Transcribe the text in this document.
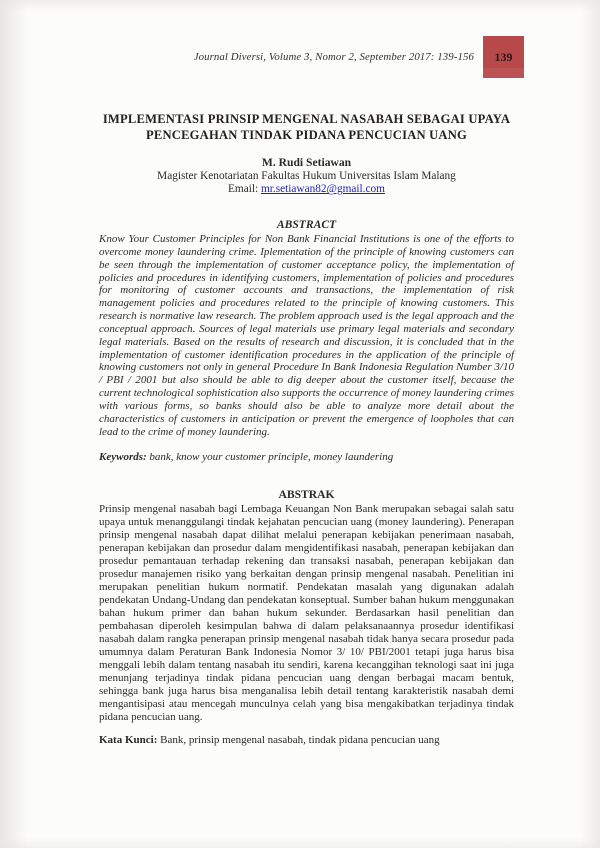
Journal Diversi, Volume 3, Nomor 2, September 2017: 139-156	139
IMPLEMENTASI PRINSIP MENGENAL NASABAH SEBAGAI UPAYA PENCEGAHAN TINDAK PIDANA PENCUCIAN UANG
M. Rudi Setiawan
Magister Kenotariatan Fakultas Hukum Universitas Islam Malang
Email: mr.setiawan82@gmail.com
ABSTRACT

Know Your Customer Principles for Non Bank Financial Institutions is one of the efforts to overcome money laundering crime. Iplementation of the principle of knowing customers can be seen through the implementation of customer acceptance policy, the implementation of policies and procedures in identifying customers, implementation of policies and procedures for monitoring of customer accounts and transactions, the implementation of risk management policies and procedures related to the principle of knowing customers. This research is normative law research. The problem approach used is the legal approach and the conceptual approach. Sources of legal materials use primary legal materials and secondary legal materials. Based on the results of research and discussion, it is concluded that in the implementation of customer identification procedures in the application of the principle of knowing customers not only in general Procedure In Bank Indonesia Regulation Number 3/10 / PBI / 2001 but also should be able to dig deeper about the customer itself, because the current technological sophistication also supports the occurrence of money laundering crimes with various forms, so banks should also be able to analyze more detail about the characteristics of customers in anticipation or prevent the emergence of loopholes that can lead to the crime of money laundering.

Keywords: bank, know your customer principle, money laundering
ABSTRAK

Prinsip mengenal nasabah bagi Lembaga Keuangan Non Bank merupakan sebagai salah satu upaya untuk menanggulangi tindak kejahatan pencucian uang (money laundering). Penerapan prinsip mengenal nasabah dapat dilihat melalui penerapan kebijakan penerimaan nasabah, penerapan kebijakan dan prosedur dalam mengidentifikasi nasabah, penerapan kebijakan dan prosedur pemantauan terhadap rekening dan transaksi nasabah, penerapan kebijakan dan prosedur manajemen risiko yang berkaitan dengan prinsip mengenal nasabah. Penelitian ini merupakan penelitian hukum normatif. Pendekatan masalah yang digunakan adalah pendekatan Undang-Undang dan pendekatan konseptual. Sumber bahan hukum menggunakan bahan hukum primer dan bahan hukum sekunder. Berdasarkan hasil penelitian dan pembahasan diperoleh kesimpulan bahwa di dalam pelaksanaannya prosedur identifikasi nasabah dalam rangka penerapan prinsip mengenal nasabah tidak hanya secara prosedur pada umumnya dalam Peraturan Bank Indonesia Nomor 3/ 10/ PBI/2001 tetapi juga harus bisa menggali lebih dalam tentang nasabah itu sendiri, karena kecanggihan teknologi saat ini juga menunjang terjadinya tindak pidana pencucian uang dengan berbagai macam bentuk, sehingga bank juga harus bisa menganalisa lebih detail tentang karakteristik nasabah demi mengantisipasi atau mencegah munculnya celah yang bisa mengakibatkan terjadinya tindak pidana pencucian uang.

Kata Kunci: Bank, prinsip mengenal nasabah, tindak pidana pencucian uang
